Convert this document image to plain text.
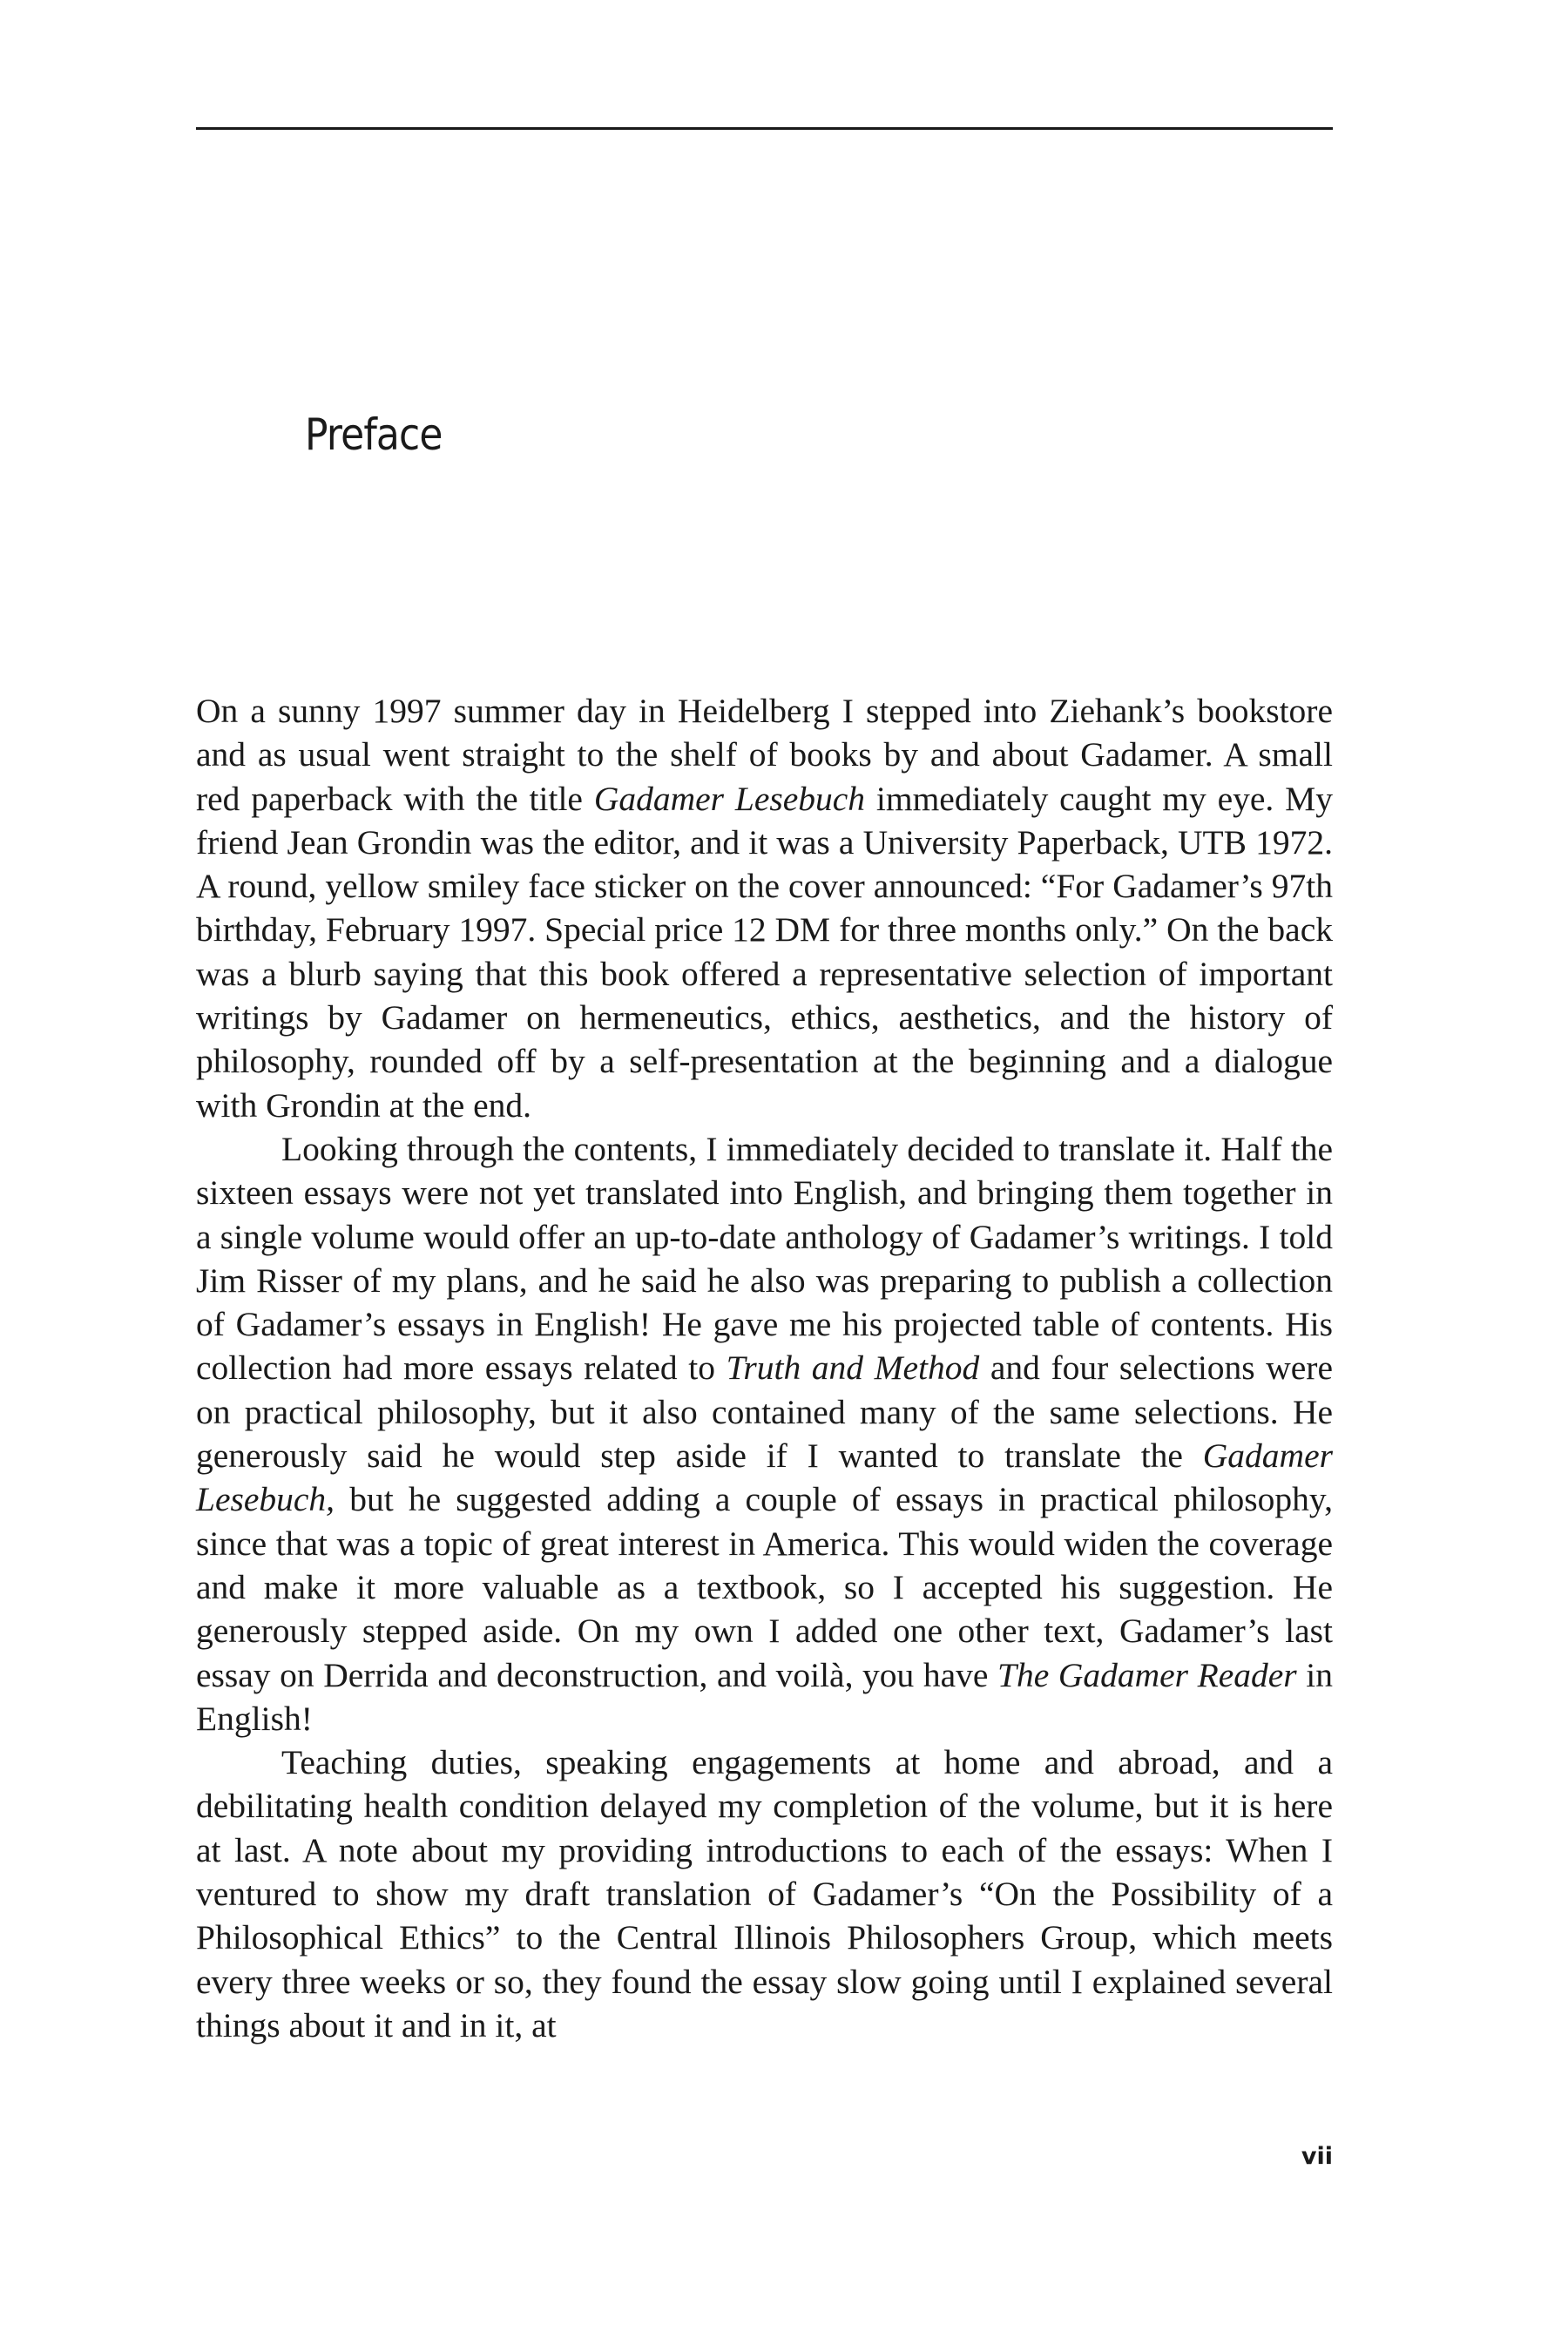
Preface

On a sunny 1997 summer day in Heidelberg I stepped into Ziehank’s bookstore and as usual went straight to the shelf of books by and about Gadamer. A small red paperback with the title Gadamer Lesebuch immediately caught my eye. My friend Jean Grondin was the editor, and it was a University Paperback, UTB 1972. A round, yellow smiley face sticker on the cover announced: “For Gadamer’s 97th birthday, February 1997. Special price 12 DM for three months only.” On the back was a blurb saying that this book offered a representative selection of important writings by Gadamer on hermeneutics, ethics, aesthetics, and the history of philosophy, rounded off by a self-presentation at the beginning and a dialogue with Grondin at the end.

Looking through the contents, I immediately decided to translate it. Half the sixteen essays were not yet translated into English, and bringing them together in a single volume would offer an up-to-date anthology of Gadamer’s writings. I told Jim Risser of my plans, and he said he also was preparing to publish a collection of Gadamer’s essays in English! He gave me his projected table of contents. His collection had more essays related to Truth and Method and four selections were on practical philosophy, but it also contained many of the same selections. He generously said he would step aside if I wanted to translate the Gadamer Lesebuch, but he suggested adding a couple of essays in practical philosophy, since that was a topic of great interest in America. This would widen the coverage and make it more valuable as a textbook, so I accepted his suggestion. He generously stepped aside. On my own I added one other text, Gadamer’s last essay on Derrida and deconstruction, and voilà, you have The Gadamer Reader in English!

Teaching duties, speaking engagements at home and abroad, and a debilitating health condition delayed my completion of the volume, but it is here at last. A note about my providing introductions to each of the essays: When I ventured to show my draft translation of Gadamer’s “On the Possibility of a Philosophical Ethics” to the Central Illinois Philosophers Group, which meets every three weeks or so, they found the essay slow going until I explained several things about it and in it, at

vii
